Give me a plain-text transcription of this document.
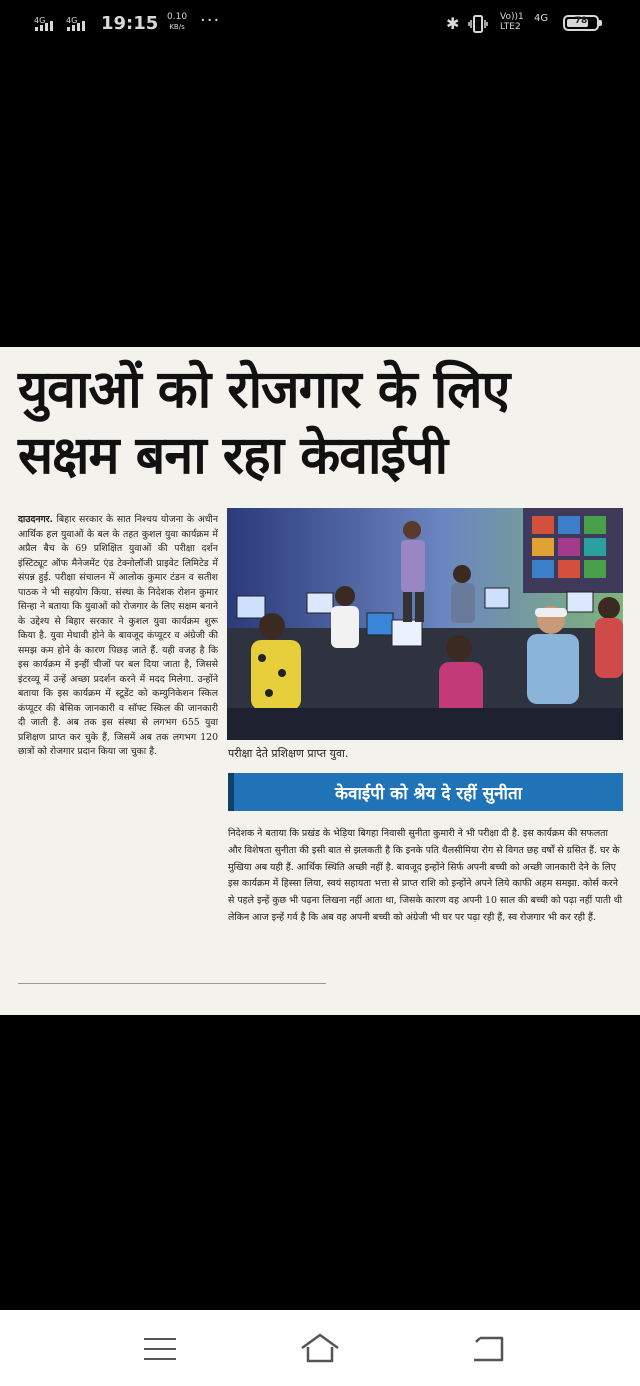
4G	4G 19:15 0.10
KB/s ···	✱	Vo))1
LTE2
4G	78
युवाओं को रोजगार के लिए
सक्षम बना रहा केवाईपी
दाउदनगर. बिहार सरकार के सात निश्चय योजना के अधीन आर्थिक हल युवाओं के बल के तहत कुशल युवा कार्यक्रम में अप्रैल बैच के 69 प्रशिक्षित युवाओं की परीक्षा दर्शन इंस्टिट्यूट ऑफ मैनेजमेंट एंड टेक्नोलॉजी प्राइवेट लिमिटेड में संपन्न हुई. परीक्षा संचालन में आलोक कुमार टंडन व सतीश पाठक ने भी सहयोग किया. संस्था के निदेशक रोशन कुमार सिन्हा ने बताया कि युवाओं को रोजगार के लिए सक्षम बनाने के उद्देश्य से बिहार सरकार ने कुशल युवा कार्यक्रम शुरू किया है. युवा मेधावी होने के बावजूद कंप्यूटर व अंग्रेजी की समझ कम होने के कारण पिछड़ जाते हैं. यही वजह है कि इस कार्यक्रम में इन्हीं चीजों पर बल दिया जाता है, जिससे इंटरव्यू में उन्हें अच्छा प्रदर्शन करने में मदद मिलेगा. उन्होंने बताया कि इस कार्यक्रम में स्टूडेंट को कम्युनिकेशन स्किल कंप्यूटर की बेसिक जानकारी व सॉफ्ट स्किल की जानकारी दी जाती है. अब तक इस संस्था से लगभग 655 युवा प्रशिक्षण प्राप्त कर चुके हैं, जिसमें अब तक लगभग 120 छात्रों को रोजगार प्रदान किया जा चुका है.	परीक्षा देते प्रशिक्षण प्राप्त युवा.
केवाईपी को श्रेय दे रहीं सुनीता
निदेशक ने बताया कि प्रखंड के भेड़िया बिगहा निवासी सुनीता कुमारी ने भी परीक्षा दी है. इस कार्यक्रम की सफलता और विशेषता सुनीता की इसी बात से झलकती है कि इनके पति थैलसीमिया रोग से विगत छह वर्षों से ग्रसित हैं. घर के मुखिया अब यही हैं. आर्थिक स्थिति अच्छी नहीं है. बावजूद इन्होंने सिर्फ अपनी बच्ची को अच्छी जानकारी देने के लिए इस कार्यक्रम में हिस्सा लिया, स्वयं सहायता भत्ता से प्राप्त राशि को इन्होंने अपने लिये काफी अहम समझा. कोर्स करने से पहले इन्हें कुछ भी पढ़ना लिखना नहीं आता था, जिसके कारण वह अपनी 10 साल की बच्ची को पढ़ा नहीं पाती थी लेकिन आज इन्हें गर्व है कि अब वह अपनी बच्ची को अंग्रेजी भी घर पर पढ़ा रही हैं, स्व रोजगार भी कर रही हैं.
